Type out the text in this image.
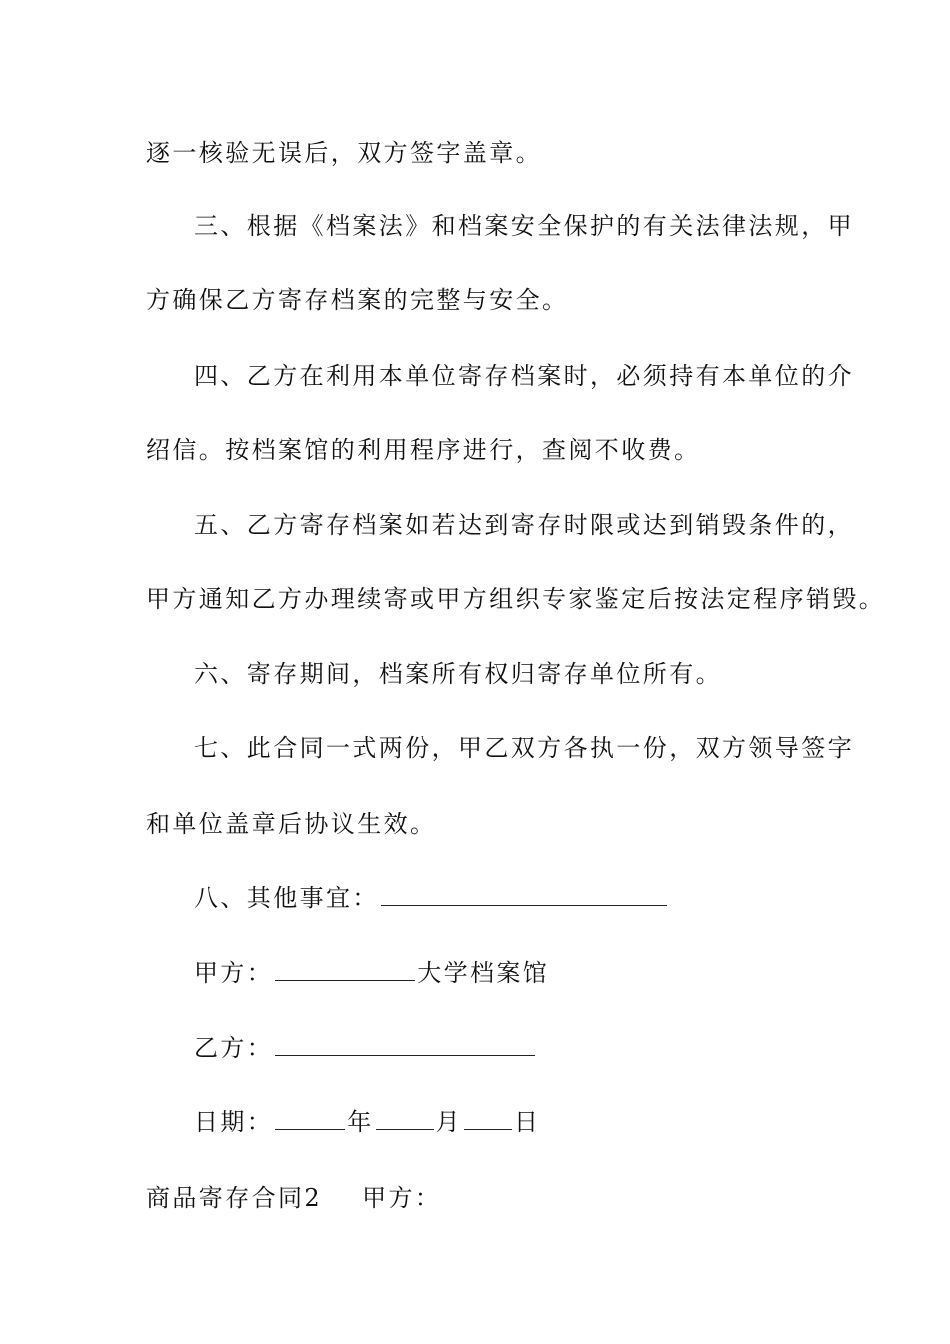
逐一核验无误后，双方签字盖章。
三、根据《档案法》和档案安全保护的有关法律法规，甲
方确保乙方寄存档案的完整与安全。
四、乙方在利用本单位寄存档案时，必须持有本单位的介
绍信。按档案馆的利用程序进行，查阅不收费。
五、乙方寄存档案如若达到寄存时限或达到销毁条件的，
甲方通知乙方办理续寄或甲方组织专家鉴定后按法定程序销毁。
六、寄存期间，档案所有权归寄存单位所有。
七、此合同一式两份，甲乙双方各执一份，双方领导签字
和单位盖章后协议生效。
八、其他事宜：
甲方：	大学档案馆
乙方：
日期：	年	月 日
商品寄存合同2 甲方：
